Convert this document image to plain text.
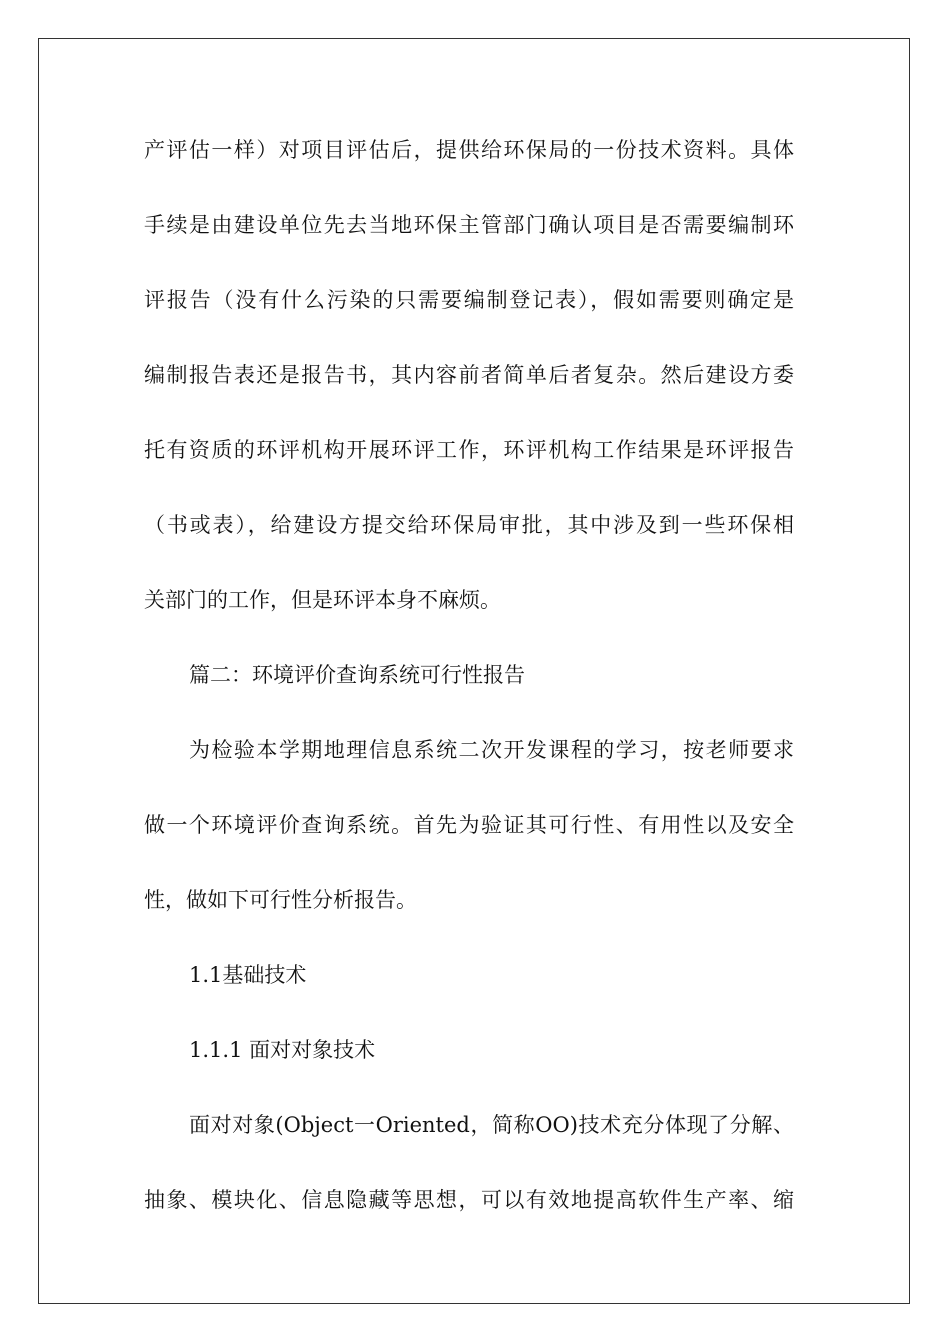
产评估一样）对项目评估后，提供给环保局的一份技术资料。具体
手续是由建设单位先去当地环保主管部门确认项目是否需要编制环
评报告（没有什么污染的只需要编制登记表），假如需要则确定是
编制报告表还是报告书，其内容前者简单后者复杂。然后建设方委
托有资质的环评机构开展环评工作，环评机构工作结果是环评报告
（书或表），给建设方提交给环保局审批，其中涉及到一些环保相
关部门的工作，但是环评本身不麻烦。
篇二：环境评价查询系统可行性报告
为检验本学期地理信息系统二次开发课程的学习，按老师要求
做一个环境评价查询系统。首先为验证其可行性、有用性以及安全
性，做如下可行性分析报告。
1.1基础技术
1.1.1 面对对象技术
面对对象(Object一Oriented，简称OO)技术充分体现了分解、
抽象、模块化、信息隐藏等思想，可以有效地提高软件生产率、缩
